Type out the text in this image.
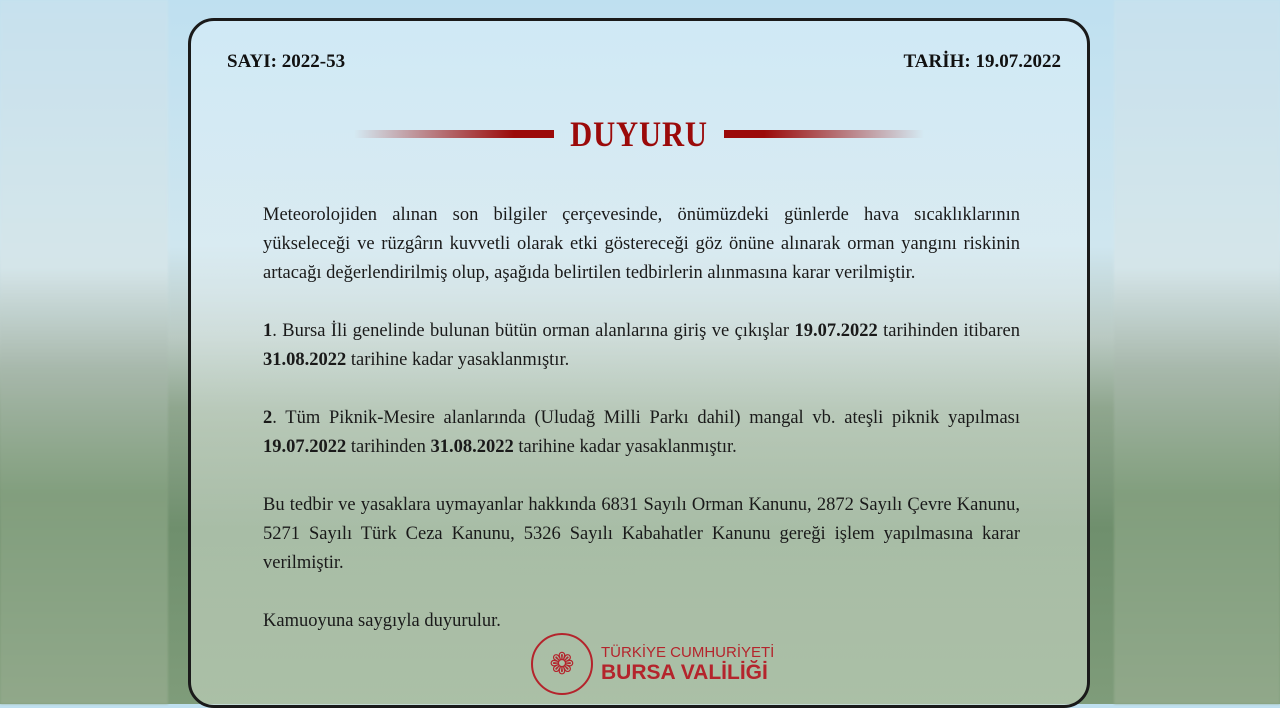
SAYI: 2022-53	TARİH: 19.07.2022
DUYURU

Meteorolojiden alınan son bilgiler çerçevesinde, önümüzdeki günlerde hava sıcaklıklarının yükseleceği ve rüzgârın kuvvetli olarak etki göstereceği göz önüne alınarak orman yangını riskinin artacağı değerlendirilmiş olup, aşağıda belirtilen tedbirlerin alınmasına karar verilmiştir.

1. Bursa İli genelinde bulunan bütün orman alanlarına giriş ve çıkışlar 19.07.2022 tarihinden itibaren 31.08.2022 tarihine kadar yasaklanmıştır.

2. Tüm Piknik-Mesire alanlarında (Uludağ Milli Parkı dahil) mangal vb. ateşli piknik yapılması 19.07.2022 tarihinden 31.08.2022 tarihine kadar yasaklanmıştır.

Bu tedbir ve yasaklara uymayanlar hakkında 6831 Sayılı Orman Kanunu, 2872 Sayılı Çevre Kanunu, 5271 Sayılı Türk Ceza Kanunu, 5326 Sayılı Kabahatler Kanunu gereği işlem yapılmasına karar verilmiştir.

Kamuoyuna saygıyla duyurulur.

❁	TÜRKİYE CUMHURİYETİ
BURSA VALİLİĞİ
